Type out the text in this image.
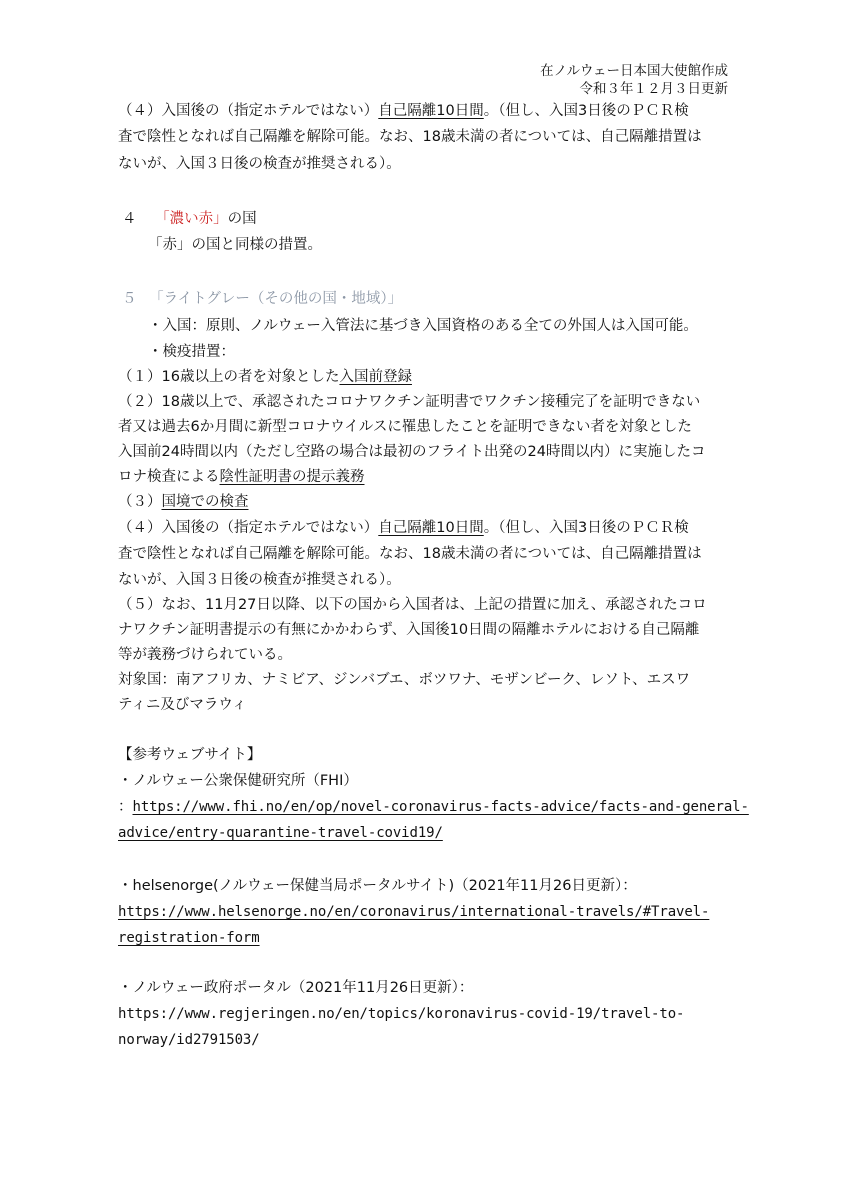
在ノルウェー日本国大使館作成
令和３年１２月３日更新
（４）入国後の（指定ホテルではない）自己隔離10日間。（但し、入国3日後のＰＣＲ検
査で陰性となれば自己隔離を解除可能。なお、18歳未満の者については、自己隔離措置は
ないが、入国３日後の検査が推奨される）。
４ 「濃い赤」の国
「赤」の国と同様の措置。
５ 「ライトグレー（その他の国・地域）」
・入国：原則、ノルウェー入管法に基づき入国資格のある全ての外国人は入国可能。
・検疫措置：
（１）16歳以上の者を対象とした入国前登録
（２）18歳以上で、承認されたコロナワクチン証明書でワクチン接種完了を証明できない
者又は過去6か月間に新型コロナウイルスに罹患したことを証明できない者を対象とした
入国前24時間以内（ただし空路の場合は最初のフライト出発の24時間以内）に実施したコ
ロナ検査による陰性証明書の提示義務
（３）国境での検査
（４）入国後の（指定ホテルではない）自己隔離10日間。（但し、入国3日後のＰＣＲ検
査で陰性となれば自己隔離を解除可能。なお、18歳未満の者については、自己隔離措置は
ないが、入国３日後の検査が推奨される）。
（５）なお、11月27日以降、以下の国から入国者は、上記の措置に加え、承認されたコロ
ナワクチン証明書提示の有無にかかわらず、入国後10日間の隔離ホテルにおける自己隔離
等が義務づけられている。
対象国：南アフリカ、ナミビア、ジンバブエ、ボツワナ、モザンビーク、レソト、エスワ
ティニ及びマラウィ
【参考ウェブサイト】
・ノルウェー公衆保健研究所（FHI）
：https://www.fhi.no/en/op/novel-coronavirus-facts-advice/facts-and-general-
advice/entry-quarantine-travel-covid19/
・helsenorge(ノルウェー保健当局ポータルサイト)（2021年11月26日更新）：
https://www.helsenorge.no/en/coronavirus/international-travels/#Travel-
registration-form
・ノルウェー政府ポータル（2021年11月26日更新）：
https://www.regjeringen.no/en/topics/koronavirus-covid-19/travel-to-
norway/id2791503/
